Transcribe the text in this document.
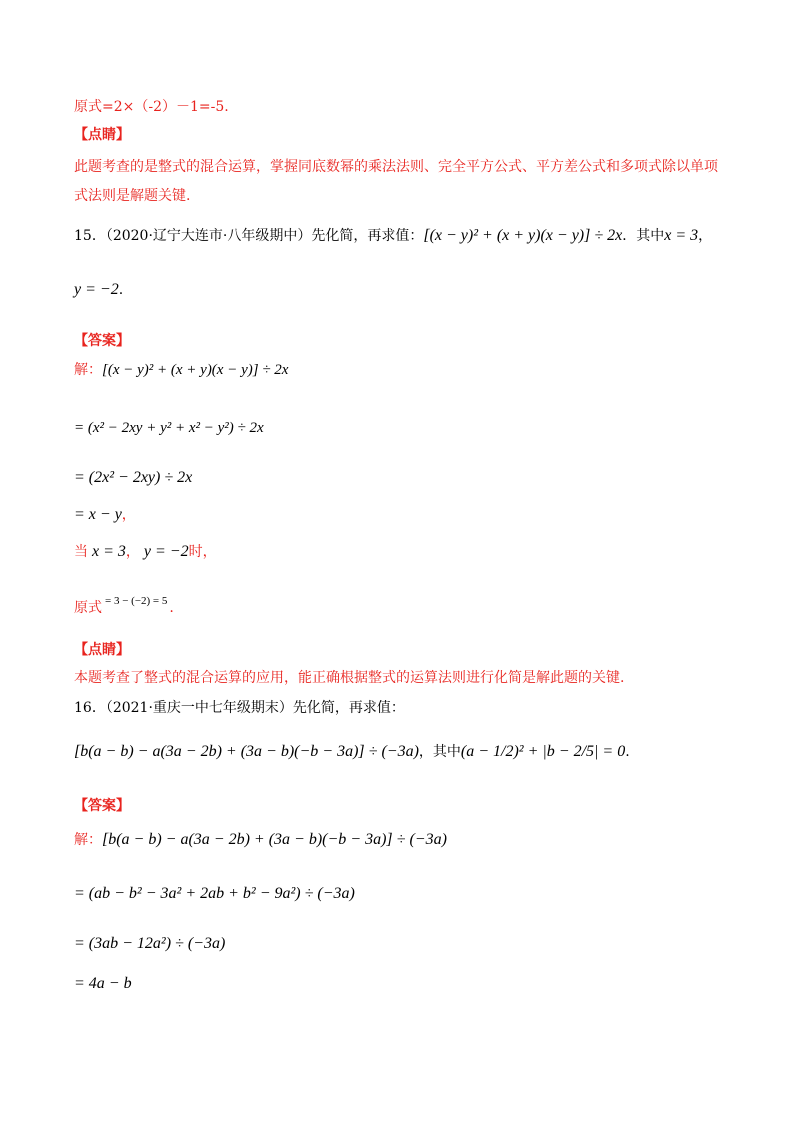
原式=2×（-2）－1=-5.
【点睛】
此题考查的是整式的混合运算，掌握同底数幂的乘法法则、完全平方公式、平方差公式和多项式除以单项
式法则是解题关键.
15．（2020·辽宁大连市·八年级期中）先化简，再求值：[(x − y)² + (x + y)(x − y)] ÷ 2x．其中x = 3，
y = −2.
【答案】
解：[(x − y)² + (x + y)(x − y)] ÷ 2x
= (x² − 2xy + y² + x² − y²) ÷ 2x
= (2x² − 2xy) ÷ 2x
= x − y，
当 x = 3， y = −2时，
原式 = 3 − (−2) = 5 .
【点睛】
本题考查了整式的混合运算的应用，能正确根据整式的运算法则进行化简是解此题的关键.
16．（2021·重庆一中七年级期末）先化简，再求值：
[b(a − b) − a(3a − 2b) + (3a − b)(−b − 3a)] ÷ (−3a)，其中(a − 1/2)² + |b − 2/5| = 0.
【答案】
解：[b(a − b) − a(3a − 2b) + (3a − b)(−b − 3a)] ÷ (−3a)
= (ab − b² − 3a² + 2ab + b² − 9a²) ÷ (−3a)
= (3ab − 12a²) ÷ (−3a)
= 4a − b
